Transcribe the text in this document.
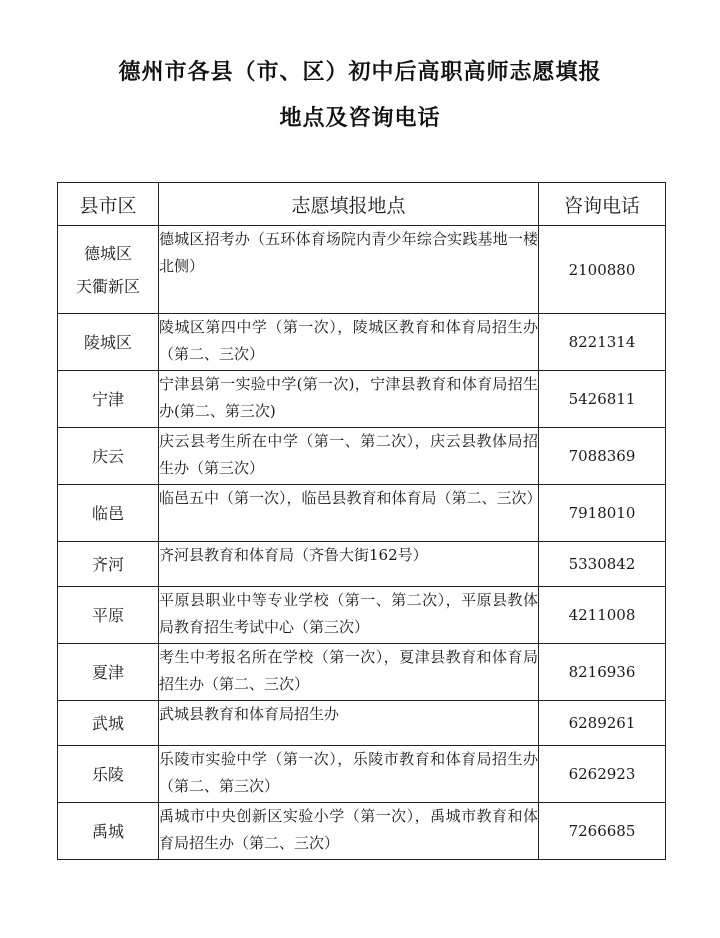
德州市各县（市、区）初中后高职高师志愿填报
地点及咨询电话
县市区	志愿填报地点	咨询电话

德城区
天衢新区	德城区招考办（五环体育场院内青少年综合实践基地一楼北侧）	2100880
陵城区	陵城区第四中学（第一次），陵城区教育和体育局招生办（第二、三次）	8221314
宁津	宁津县第一实验中学(第一次)，宁津县教育和体育局招生办(第二、第三次)	5426811
庆云	庆云县考生所在中学（第一、第二次），庆云县教体局招生办（第三次）	7088369
临邑	临邑五中（第一次），临邑县教育和体育局（第二、三次）	7918010
齐河	齐河县教育和体育局（齐鲁大街162号）	5330842
平原	平原县职业中等专业学校（第一、第二次），平原县教体局教育招生考试中心（第三次）	4211008
夏津	考生中考报名所在学校（第一次），夏津县教育和体育局招生办（第二、三次）	8216936
武城	武城县教育和体育局招生办	6289261
乐陵	乐陵市实验中学（第一次），乐陵市教育和体育局招生办（第二、第三次）	6262923
禹城	禹城市中央创新区实验小学（第一次），禹城市教育和体育局招生办（第二、三次）	7266685
